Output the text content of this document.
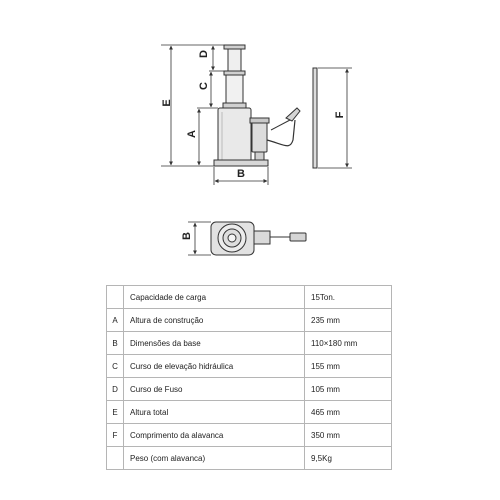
E
A
C
D
B
F
B
	Capacidade de carga	15Ton.
A	Altura de construção	235 mm
B	Dimensões da base	110×180 mm
C	Curso de elevação hidráulica	155 mm
D	Curso de Fuso	105 mm
E	Altura total	465 mm
F	Comprimento da alavanca	350 mm
	Peso (com alavanca)	9,5Kg
